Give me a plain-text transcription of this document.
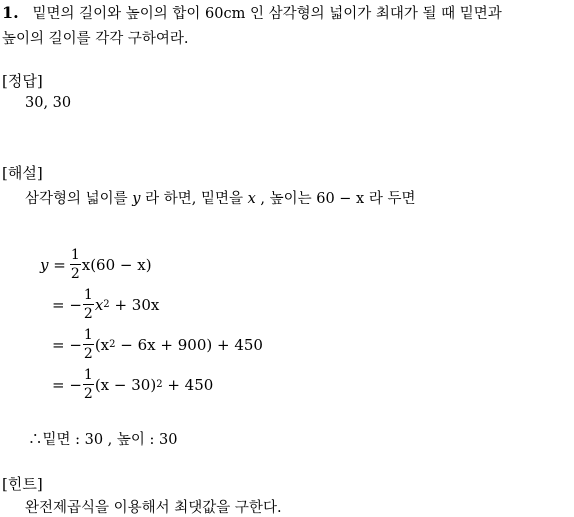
1. 밑면의 길이와 높이의 합이 60cm 인 삼각형의 넓이가 최대가 될 때 밑면과
높이의 길이를 각각 구하여라.
[정답]
30, 30
[해설]
삼각형의 넓이를 y 라 하면, 밑면을 x , 높이는 60 − x 라 두면
$y = \frac{1}{2} x(60 - x)$
= − $\frac{1}{2}$ x 2 + 30x
= − $\frac{1}{2} (x$ 2 − 6x + 900) + 450
= − $\frac{1}{2} (x - 30) 2 + 450$
∴밑면 : 30 , 높이 : 30
[힌트]
완전제곱식을 이용해서 최댓값을 구한다.
